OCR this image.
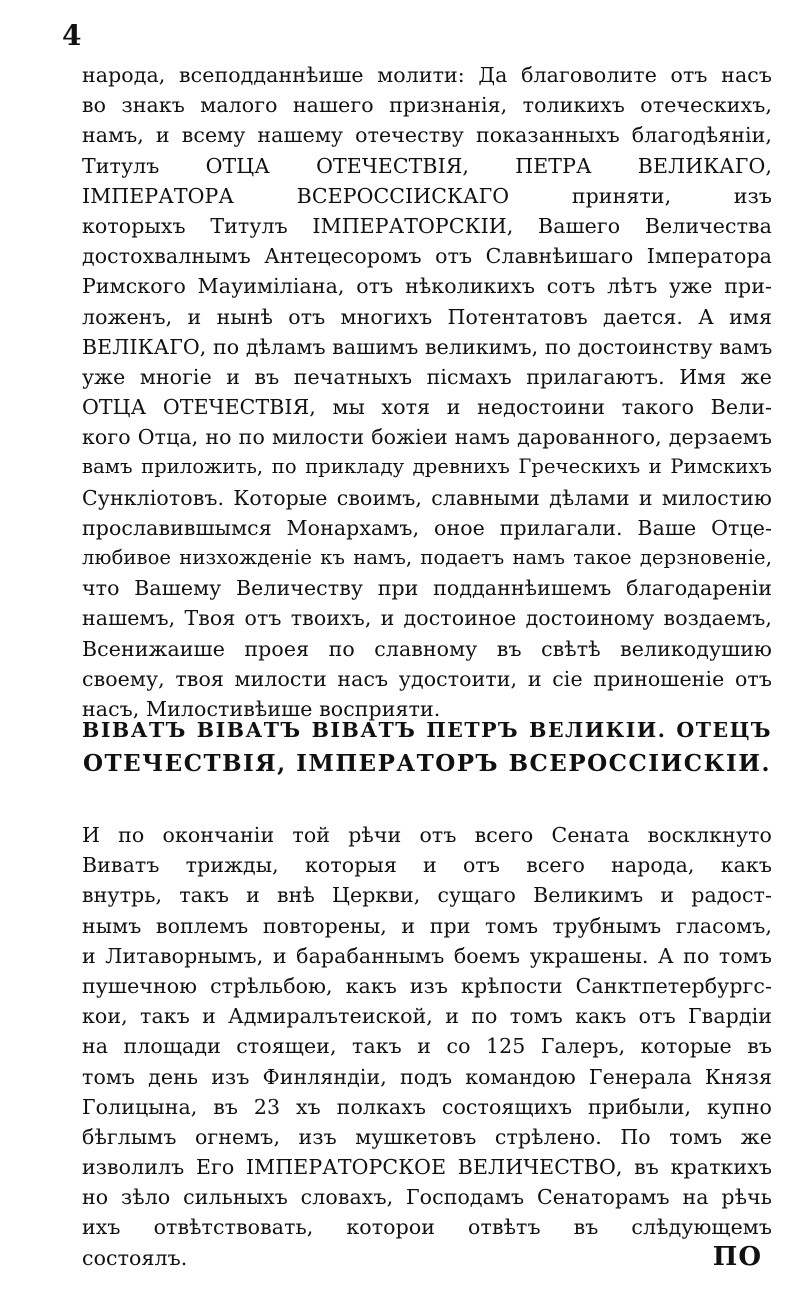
4
народа, всеподданнѣише молити: Да благоволите отъ насъ
во знакъ малого нашего признанія, толикихъ отеческихъ,
намъ, и всему нашему отечеству показанныхъ благодѣяніи,
Титулъ ОТЦА ОТЕЧЕСТВІЯ, ПЕТРА ВЕЛИКАГО,
ІМПЕРАТОРА ВСЕРОССІИСКАГО приняти, изъ
которыхъ Титулъ ІМПЕРАТОРСКІИ, Вашего Величества
достохвалнымъ Антецесоромъ отъ Славнѣишаго Імператора
Римского Мауиміліана, отъ нѣколикихъ сотъ лѣтъ уже при-
ложенъ, и нынѣ отъ многихъ Потентатовъ дается. А имя
ВЕЛІКАГО, по дѣламъ вашимъ великимъ, по достоинству вамъ
уже многіе и въ печатныхъ пісмахъ прилагаютъ. Имя же
ОТЦА ОТЕЧЕСТВІЯ, мы хотя и недостоини такого Вели-
кого Отца, но по милости божіеи намъ дарованного, дерзаемъ
вамъ приложить, по прикладу древнихъ Греческихъ и Римскихъ
Сункліотовъ. Которые своимъ, славными дѣлами и милостию
прославившымся Монархамъ, оное прилагали. Ваше Отце-
любивое низхожденіе къ намъ, подаетъ намъ такое дерзновеніе,
что Вашему Величеству при подданнѣишемъ благодареніи
нашемъ, Твоя отъ твоихъ, и достоиное достоиному воздаемъ,
Всенижаише проея по славному въ свѣтѣ великодушию
своему, твоя милости насъ удостоити, и сіе приношеніе отъ
насъ, Милостивѣише восприяти.
ВІВАТЪ ВІВАТЪ ВІВАТЪ ПЕТРЪ ВЕЛИКІИ. ОТЕЦЪ
ОТЕЧЕСТВІЯ, ІМПЕРАТОРЪ ВСЕРОССІИСКІИ.
И по окончаніи той рѣчи отъ всего Сената восклкнуто
Виватъ трижды, которыя и отъ всего народа, какъ
внутрь, такъ и внѣ Церкви, сущаго Великимъ и радост-
нымъ воплемъ повторены, и при томъ трубнымъ гласомъ,
и Литаворнымъ, и барабаннымъ боемъ украшены. А по томъ
пушечною стрѣльбою, какъ изъ крѣпости Санктпетербургс-
кои, такъ и Адмиралътеиской, и по томъ какъ отъ Гвардіи
на площади стоящеи, такъ и со 125 Галеръ, которые въ
томъ день изъ Финляндіи, подъ командою Генерала Князя
Голицына, въ 23 хъ полкахъ состоящихъ прибыли, купно
бѣглымъ огнемъ, изъ мушкетовъ стрѣлено. По томъ же
изволилъ Его ІМПЕРАТОРСКОЕ ВЕЛИЧЕСТВО, въ краткихъ
но зѣло сильныхъ словахъ, Господамъ Сенаторамъ на рѣчь
ихъ отвѣтствовать, которои отвѣтъ въ слѣдующемъ
состоялъ.	ПО
